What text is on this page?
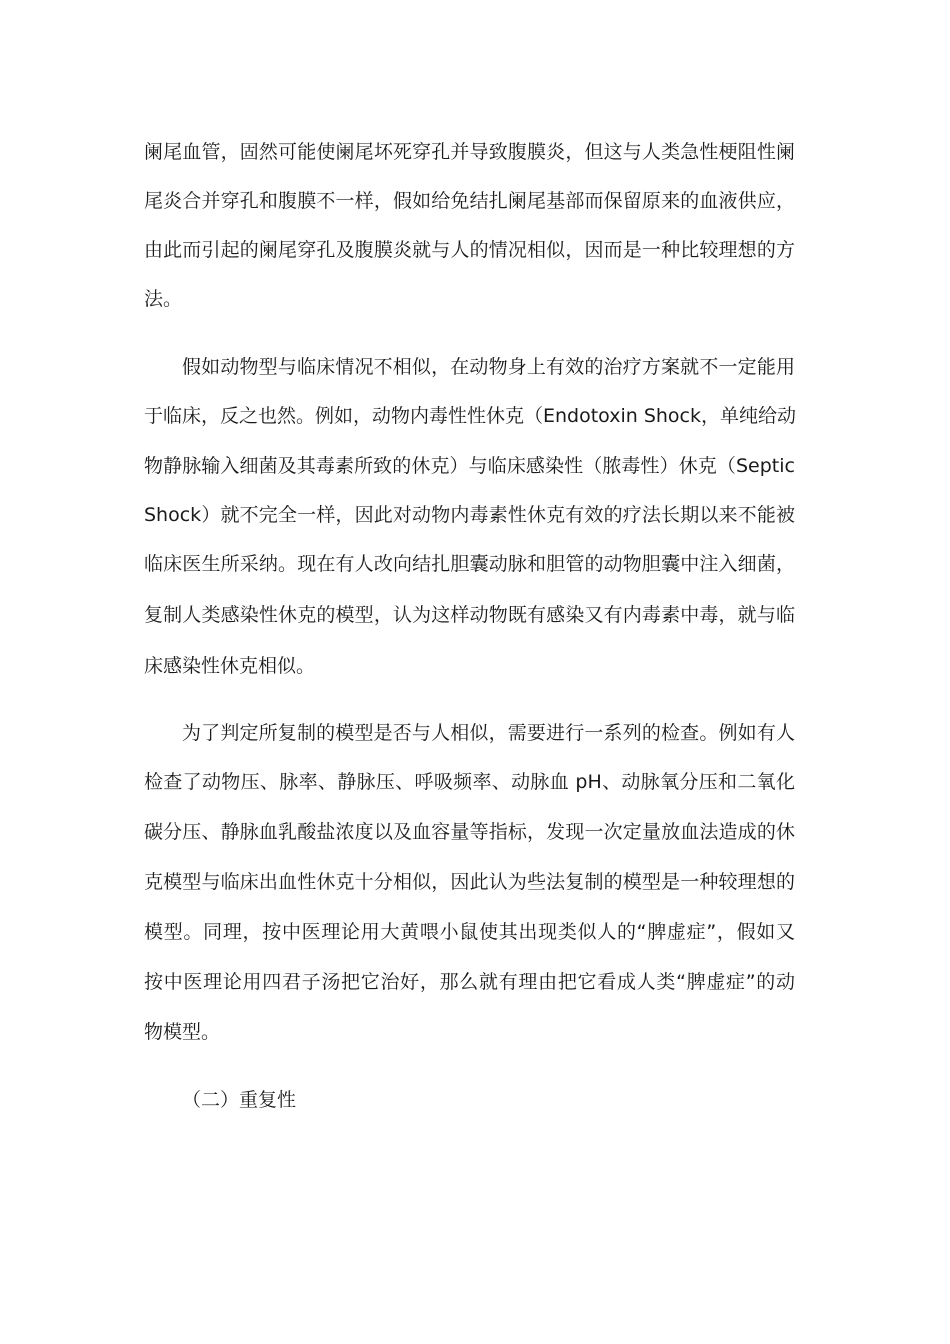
阑尾血管，固然可能使阑尾坏死穿孔并导致腹膜炎，但这与人类急性梗阻性阑
尾炎合并穿孔和腹膜不一样，假如给免结扎阑尾基部而保留原来的血液供应，
由此而引起的阑尾穿孔及腹膜炎就与人的情况相似，因而是一种比较理想的方
法。
假如动物型与临床情况不相似，在动物身上有效的治疗方案就不一定能用
于临床，反之也然。例如，动物内毒性性休克（Endotoxin Shock，单纯给动
物静脉输入细菌及其毒素所致的休克）与临床感染性（脓毒性）休克（Septic
Shock）就不完全一样，因此对动物内毒素性休克有效的疗法长期以来不能被
临床医生所采纳。现在有人改向结扎胆囊动脉和胆管的动物胆囊中注入细菌，
复制人类感染性休克的模型，认为这样动物既有感染又有内毒素中毒，就与临
床感染性休克相似。
为了判定所复制的模型是否与人相似，需要进行一系列的检查。例如有人
检查了动物压、脉率、静脉压、呼吸频率、动脉血 pH、动脉氧分压和二氧化
碳分压、静脉血乳酸盐浓度以及血容量等指标，发现一次定量放血法造成的休
克模型与临床出血性休克十分相似，因此认为些法复制的模型是一种较理想的
模型。同理，按中医理论用大黄喂小鼠使其出现类似人的“脾虚症”，假如又
按中医理论用四君子汤把它治好，那么就有理由把它看成人类“脾虚症”的动
物模型。
（二）重复性
